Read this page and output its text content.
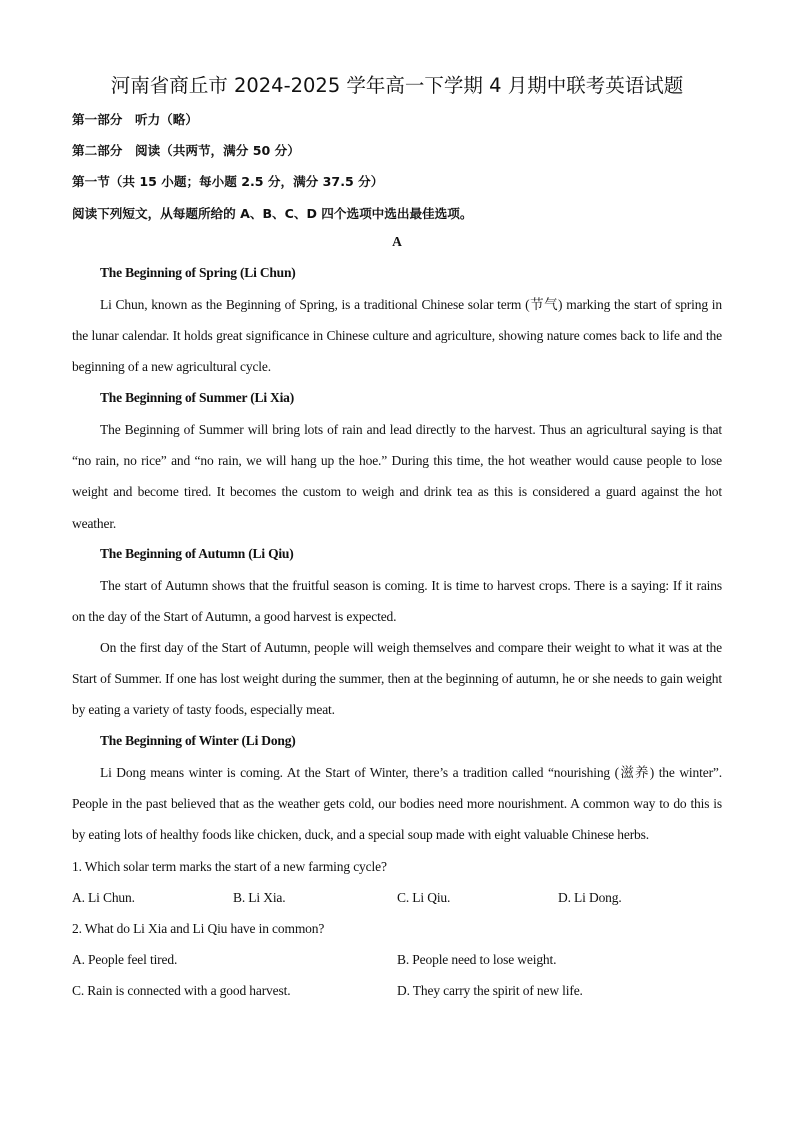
河南省商丘市 2024-2025 学年高一下学期 4 月期中联考英语试题
第一部分　听力（略）
第二部分　阅读（共两节，满分 50 分）
第一节（共 15 小题；每小题 2.5 分，满分 37.5 分）
阅读下列短文，从每题所给的 A、B、C、D 四个选项中选出最佳选项。
A
The Beginning of Spring (Li Chun)

Li Chun, known as the Beginning of Spring, is a traditional Chinese solar term (节气) marking the start of spring in the lunar calendar. It holds great significance in Chinese culture and agriculture, showing nature comes back to life and the beginning of a new agricultural cycle.

The Beginning of Summer (Li Xia)

The Beginning of Summer will bring lots of rain and lead directly to the harvest. Thus an agricultural saying is that “no rain, no rice” and “no rain, we will hang up the hoe.” During this time, the hot weather would cause people to lose weight and become tired. It becomes the custom to weigh and drink tea as this is considered a guard against the hot weather.

The Beginning of Autumn (Li Qiu)

The start of Autumn shows that the fruitful season is coming. It is time to harvest crops. There is a saying: If it rains on the day of the Start of Autumn, a good harvest is expected.

On the first day of the Start of Autumn, people will weigh themselves and compare their weight to what it was at the Start of Summer. If one has lost weight during the summer, then at the beginning of autumn, he or she needs to gain weight by eating a variety of tasty foods, especially meat.

The Beginning of Winter (Li Dong)

Li Dong means winter is coming. At the Start of Winter, there’s a tradition called “nourishing (滋养) the winter”. People in the past believed that as the weather gets cold, our bodies need more nourishment. A common way to do this is by eating lots of healthy foods like chicken, duck, and a special soup made with eight valuable Chinese herbs.

1. Which solar term marks the start of a new farming cycle?
A. Li Chun.	B. Li Xia.	C. Li Qiu.	D. Li Dong.
2. What do Li Xia and Li Qiu have in common?
A. People feel tired.	B. People need to lose weight.
C. Rain is connected with a good harvest.	D. They carry the spirit of new life.
